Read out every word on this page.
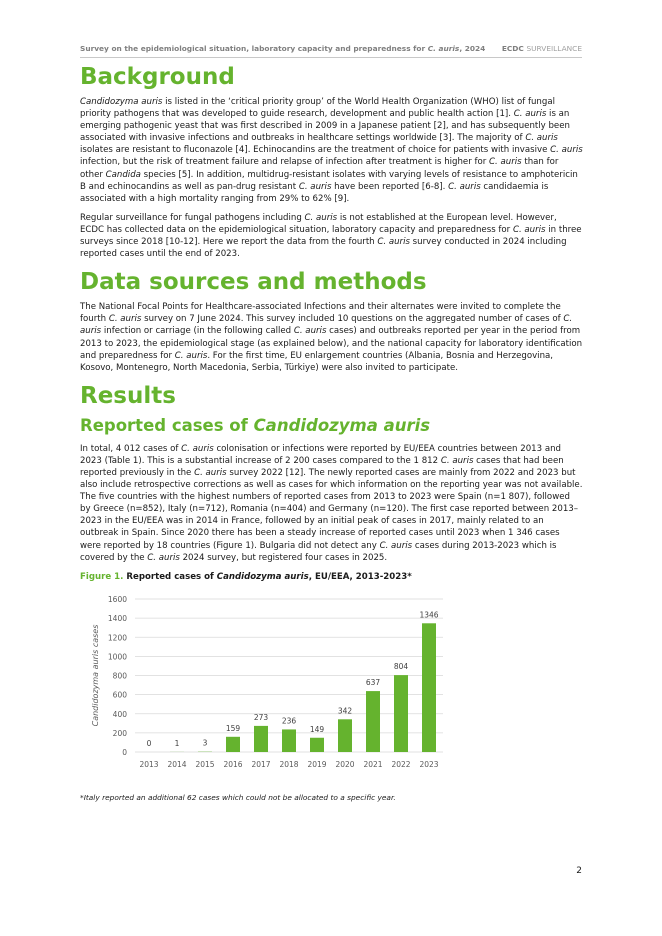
Survey on the epidemiological situation, laboratory capacity and preparedness for C. auris, 2024 ECDC SURVEILLANCE
Background

Candidozyma auris is listed in the ‘critical priority group’ of the World Health Organization (WHO) list of fungal priority pathogens that was developed to guide research, development and public health action [1]. C. auris is an emerging pathogenic yeast that was first described in 2009 in a Japanese patient [2], and has subsequently been associated with invasive infections and outbreaks in healthcare settings worldwide [3]. The majority of C. auris isolates are resistant to fluconazole [4]. Echinocandins are the treatment of choice for patients with invasive C. auris infection, but the risk of treatment failure and relapse of infection after treatment is higher for C. auris than for other Candida species [5]. In addition, multidrug-resistant isolates with varying levels of resistance to amphotericin B and echinocandins as well as pan-drug resistant C. auris have been reported [6-8]. C. auris candidaemia is associated with a high mortality ranging from 29% to 62% [9].

Regular surveillance for fungal pathogens including C. auris is not established at the European level. However, ECDC has collected data on the epidemiological situation, laboratory capacity and preparedness for C. auris in three surveys since 2018 [10-12]. Here we report the data from the fourth C. auris survey conducted in 2024 including reported cases until the end of 2023.

Data sources and methods

The National Focal Points for Healthcare-associated Infections and their alternates were invited to complete the fourth C. auris survey on 7 June 2024. This survey included 10 questions on the aggregated number of cases of C. auris infection or carriage (in the following called C. auris cases) and outbreaks reported per year in the period from 2013 to 2023, the epidemiological stage (as explained below), and the national capacity for laboratory identification and preparedness for C. auris. For the first time, EU enlargement countries (Albania, Bosnia and Herzegovina, Kosovo, Montenegro, North Macedonia, Serbia, Türkiye) were also invited to participate.

Results
Reported cases of Candidozyma auris

In total, 4 012 cases of C. auris colonisation or infections were reported by EU/EEA countries between 2013 and 2023 (Table 1). This is a substantial increase of 2 200 cases compared to the 1 812 C. auris cases that had been reported previously in the C. auris survey 2022 [12]. The newly reported cases are mainly from 2022 and 2023 but also include retrospective corrections as well as cases for which information on the reporting year was not available. The five countries with the highest numbers of reported cases from 2013 to 2023 were Spain (n=1 807), followed by Greece (n=852), Italy (n=712), Romania (n=404) and Germany (n=120). The first case reported between 2013–2023 in the EU/EEA was in 2014 in France, followed by an initial peak of cases in 2017, mainly related to an outbreak in Spain. Since 2020 there has been a steady increase of reported cases until 2023 when 1 346 cases were reported by 18 countries (Figure 1). Bulgaria did not detect any C. auris cases during 2013-2023 which is covered by the C. auris 2024 survey, but registered four cases in 2025.

Figure 1. Reported cases of Candidozyma auris, EU/EEA, 2013-2023*
0
200
400
600
800
1000
1200
1400
1600
Candidozyma auris cases
0
2013
1
2014
3
2015
159
2016
273
2017
236
2018
149
2019
342
2020
637
2021
804
2022
1346
2023
*Italy reported an additional 62 cases which could not be allocated to a specific year.
2
